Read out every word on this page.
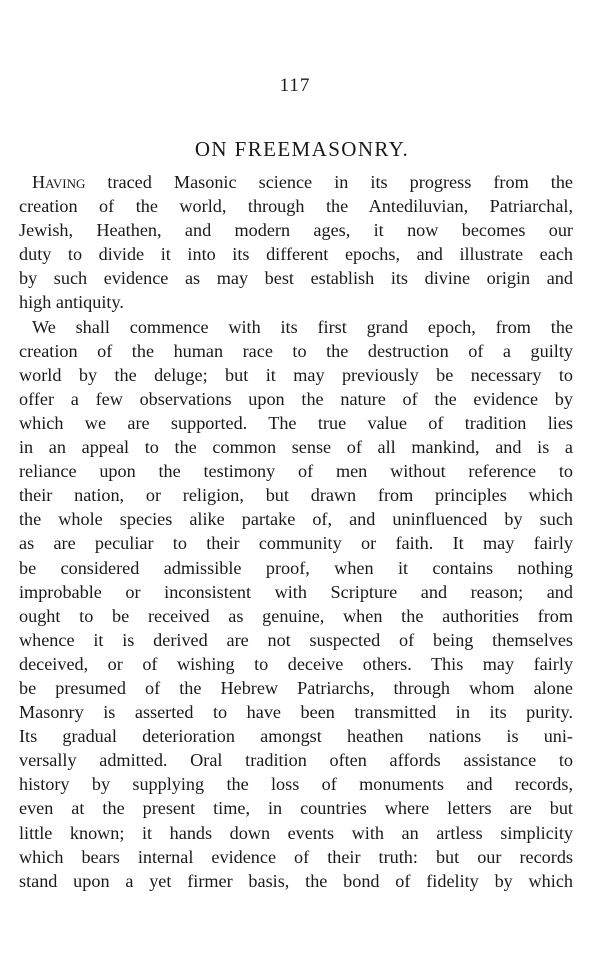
117
ON FREEMASONRY.
Having traced Masonic science in its progress from the
creation of the world, through the Antediluvian, Patriarchal,
Jewish, Heathen, and modern ages, it now becomes our
duty to divide it into its different epochs, and illustrate each
by such evidence as may best establish its divine origin and
high antiquity.
We shall commence with its first grand epoch, from the
creation of the human race to the destruction of a guilty
world by the deluge; but it may previously be necessary to
offer a few observations upon the nature of the evidence by
which we are supported. The true value of tradition lies
in an appeal to the common sense of all mankind, and is a
reliance upon the testimony of men without reference to
their nation, or religion, but drawn from principles which
the whole species alike partake of, and uninfluenced by such
as are peculiar to their community or faith. It may fairly
be considered admissible proof, when it contains nothing
improbable or inconsistent with Scripture and reason; and
ought to be received as genuine, when the authorities from
whence it is derived are not suspected of being themselves
deceived, or of wishing to deceive others. This may fairly
be presumed of the Hebrew Patriarchs, through whom alone
Masonry is asserted to have been transmitted in its purity.
Its gradual deterioration amongst heathen nations is uni-
versally admitted. Oral tradition often affords assistance to
history by supplying the loss of monuments and records,
even at the present time, in countries where letters are but
little known; it hands down events with an artless simplicity
which bears internal evidence of their truth: but our records
stand upon a yet firmer basis, the bond of fidelity by which
